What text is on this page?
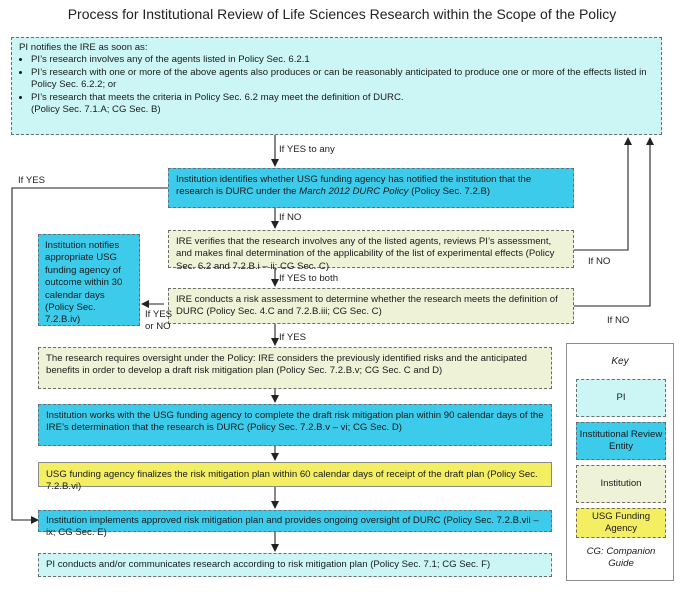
Process for Institutional Review of Life Sciences Research within the Scope of the Policy
PI notifies the IRE as soon as:
• PI’s research involves any of the agents listed in Policy Sec. 6.2.1
• PI’s research with one or more of the above agents also produces or can be reasonably anticipated to produce one or more of the effects listed in Policy Sec. 6.2.2; or
• PI’s research that meets the criteria in Policy Sec. 6.2 may meet the definition of DURC.
(Policy Sec. 7.1.A; CG Sec. B)
If YES to any
If YES	Institution identifies whether USG funding agency has notified the institution that the research is DURC under the March 2012 DURC Policy (Policy Sec. 7.2.B)
If NO
IRE verifies that the research involves any of the listed agents, reviews PI’s assessment, and makes final determination of the applicability of the list of experimental effects (Policy Sec. 6.2 and 7.2.B.i – ii; CG Sec. C)
If YES to both
IRE conducts a risk assessment to determine whether the research meets the definition of DURC (Policy Sec. 4.C and 7.2.B.iii; CG Sec. C)
Institution notifies appropriate USG funding agency of outcome within 30 calendar days (Policy Sec. 7.2.B.iv)	If YES
or NO
If NO
If NO
If YES
The research requires oversight under the Policy: IRE considers the previously identified risks and the anticipated benefits in order to develop a draft risk mitigation plan (Policy Sec. 7.2.B.v; CG Sec. C and D)
Institution works with the USG funding agency to complete the draft risk mitigation plan within 90 calendar days of the IRE’s determination that the research is DURC (Policy Sec. 7.2.B.v – vi; CG Sec. D)
USG funding agency finalizes the risk mitigation plan within 60 calendar days of receipt of the draft plan (Policy Sec. 7.2.B.vi)
Institution implements approved risk mitigation plan and provides ongoing oversight of DURC (Policy Sec. 7.2.B.vii – ix; CG Sec. E)
PI conducts and/or communicates research according to risk mitigation plan (Policy Sec. 7.1; CG Sec. F)
Key
PI
Institutional Review Entity
Institution
USG Funding Agency
CG: Companion Guide
